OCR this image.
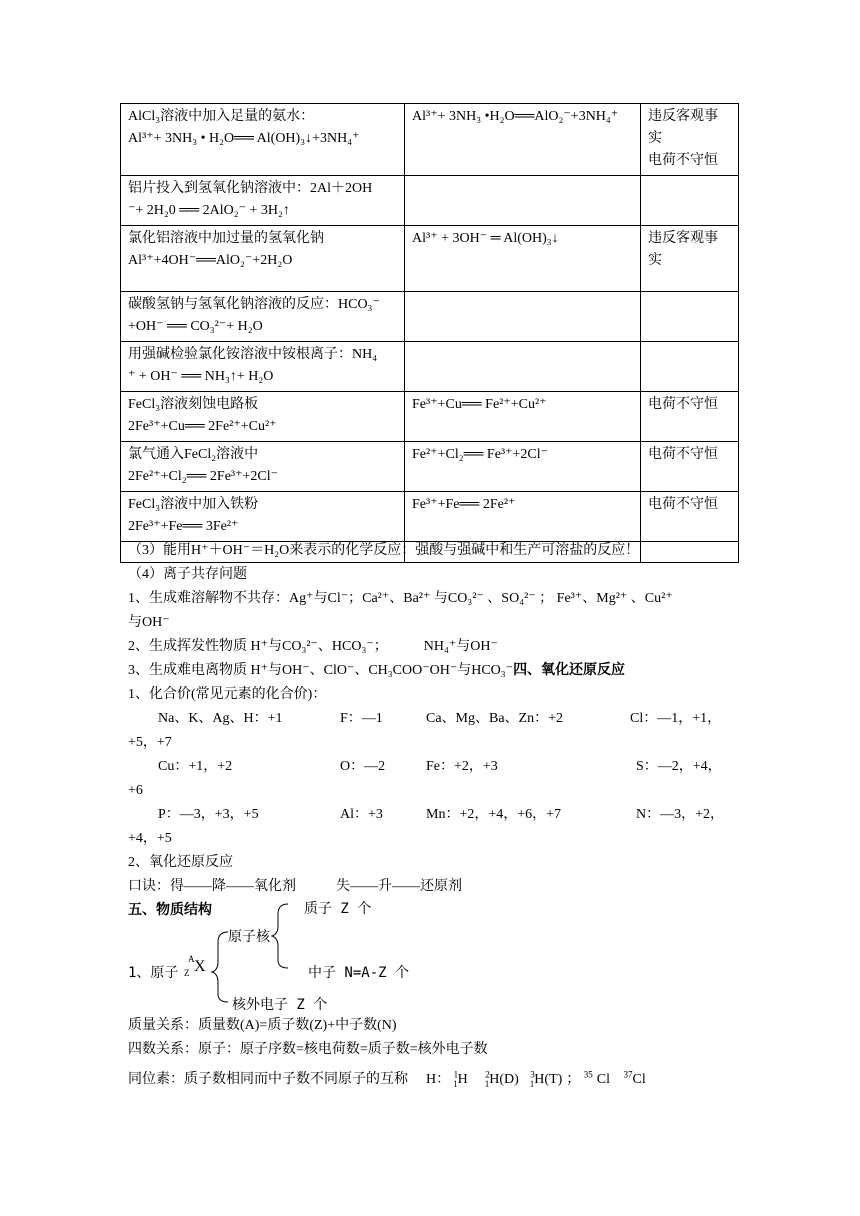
AlCl₃溶液中加入足量的氨水：
Al³⁺+ 3NH₃ • H₂O══ Al(OH)₃↓+3NH₄⁺	Al³⁺+ 3NH₃ •H₂O══AlO₂⁻+3NH₄⁺	违反客观事
实
电荷不守恒

铝片投入到氢氧化钠溶液中：2Al＋2OH
⁻+ 2H₂0 ══ 2AlO₂⁻ + 3H₂↑		

氯化铝溶液中加过量的氢氧化钠
Al³⁺+4OH⁻══AlO₂⁻+2H₂O	Al³⁺ + 3OH⁻ ═ Al(OH)₃↓	违反客观事
实

碳酸氢钠与氢氧化钠溶液的反应：HCO₃⁻
+OH⁻ ══ CO₃²⁻+ H₂O		

用强碱检验氯化铵溶液中铵根离子：NH₄
⁺ + OH⁻ ══ NH₃↑+ H₂O		

FeCl₃溶液刻蚀电路板
2Fe³⁺+Cu══ 2Fe²⁺+Cu²⁺	Fe³⁺+Cu══ Fe²⁺+Cu²⁺	电荷不守恒

氯气通入FeCl₂溶液中
2Fe²⁺+Cl₂══ 2Fe³⁺+2Cl⁻	Fe²⁺+Cl₂══ Fe³⁺+2Cl⁻	电荷不守恒

FeCl₃溶液中加入铁粉
2Fe³⁺+Fe══ 3Fe²⁺	Fe³⁺+Fe══ 2Fe²⁺	电荷不守恒

（3）能用H⁺＋OH⁻＝H₂O来表示的化学反应：强酸与强碱中和生产可溶盐的反应！
（4）离子共存问题
1、生成难溶解物不共存：Ag⁺与Cl⁻；Ca²⁺、Ba²⁺ 与CO₃²⁻ 、SO₄²⁻ ； Fe³⁺、Mg²⁺ 、Cu²⁺
与OH⁻
2、生成挥发性物质 H⁺与CO₃²⁻、HCO₃⁻；	NH₄⁺与OH⁻
3、生成难电离物质 H⁺与OH⁻、ClO⁻、CH₃COO⁻OH⁻与HCO₃⁻四、氧化还原反应
1、化合价(常见元素的化合价)：
Na、K、Ag、H：+1	F：—1	Ca、Mg、Ba、Zn：+2	Cl：—1，+1，
+5，+7
Cu：+1，+2	O：—2	Fe：+2，+3	S：—2，+4，
+6
P：—3，+3，+5	Al：+3	Mn：+2，+4，+6，+7	N：—3，+2，
+4，+5
2、氧化还原反应
口诀：得——降——氧化剂	失——升——还原剂
五、物质结构
原子核
质子 Z 个
中子 N=A-Z 个
核外电子 Z 个
1、原子
A
Z X
质量关系：质量数(A)=质子数(Z)+中子数(N)
四数关系：原子：原子序数=核电荷数=质子数=核外电子数
同位素：质子数相同而中子数不同原子的互称 H： $^1_1$H $^2_1$H(D) $^3_1$H(T) ； $^{35}$ Cl $^{37}$Cl
